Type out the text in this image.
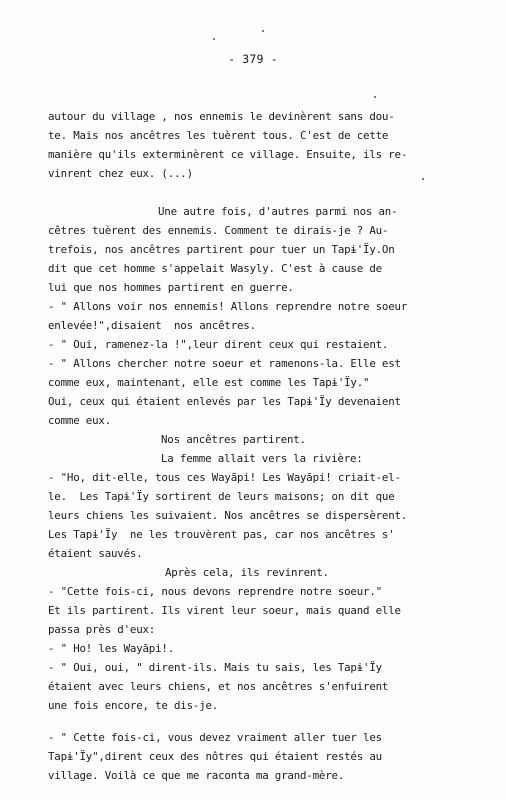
- 379 -
autour du village , nos ennemis le devinèrent sans dou-
te. Mais nos ancêtres les tuèrent tous. C'est de cette
manière qu'ils exterminèrent ce village. Ensuite, ils re-
vinrent chez eux. (...)
Une autre fois, d'autres parmi nos an-
cêtres tuèrent des ennemis. Comment te dirais-je ? Au-
trefois, nos ancêtres partirent pour tuer un Tapɨ'Ïy.On
dit que cet homme s'appelait Wasyly. C'est à cause de
lui que nos hommes partirent en guerre.
- " Allons voir nos ennemis! Allons reprendre notre soeur
enlevée!",disaient  nos ancêtres.
- " Oui, ramenez-la !",leur dirent ceux qui restaient.
- " Allons chercher notre soeur et ramenons-la. Elle est
comme eux, maintenant, elle est comme les Tapɨ'Ïy."
Oui, ceux qui étaient enlevés par les Tapɨ'Ïy devenaient
comme eux.
Nos ancêtres partirent.
La femme allait vers la rivière:
- "Ho, dit-elle, tous ces Wayãpi! Les Wayãpi! criait-el-
le.  Les Tapɨ'Ïy sortirent de leurs maisons; on dit que
leurs chiens les suivaient. Nos ancêtres se dispersèrent.
Les Tapɨ'Ïy  ne les trouvèrent pas, car nos ancêtres s'
étaient sauvés.
Après cela, ils revinrent.
- "Cette fois-ci, nous devons reprendre notre soeur."
Et ils partirent. Ils virent leur soeur, mais quand elle
passa près d'eux:
- " Ho! les Wayãpi!.
- " Oui, oui, " dirent-ils. Mais tu sais, les Tapɨ'Ïy
étaient avec leurs chiens, et nos ancêtres s'enfuirent
une fois encore, te dis-je.
- " Cette fois-ci, vous devez vraiment aller tuer les
Tapɨ'Ïy",dirent ceux des nôtres qui étaient restés au
village. Voilà ce que me raconta ma grand-mère.
